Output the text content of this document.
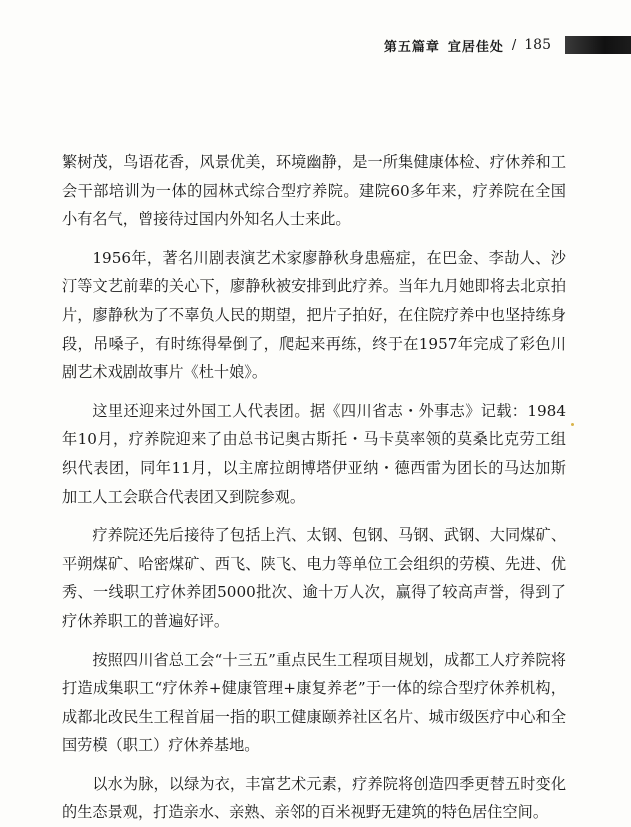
第五篇章 宜居佳处 / 185

繁树茂，鸟语花香，风景优美，环境幽静，是一所集健康体检、疗休养和工会干部培训为一体的园林式综合型疗养院。建院60多年来，疗养院在全国小有名气，曾接待过国内外知名人士来此。

1956年，著名川剧表演艺术家廖静秋身患癌症，在巴金、李劼人、沙汀等文艺前辈的关心下，廖静秋被安排到此疗养。当年九月她即将去北京拍片，廖静秋为了不辜负人民的期望，把片子拍好，在住院疗养中也坚持练身段，吊嗓子，有时练得晕倒了，爬起来再练，终于在1957年完成了彩色川剧艺术戏剧故事片《杜十娘》。

这里还迎来过外国工人代表团。据《四川省志・外事志》记载：1984年10月，疗养院迎来了由总书记奥古斯托・马卡莫率领的莫桑比克劳工组织代表团，同年11月，以主席拉朗博塔伊亚纳・德西雷为团长的马达加斯加工人工会联合代表团又到院参观。

疗养院还先后接待了包括上汽、太钢、包钢、马钢、武钢、大同煤矿、平朔煤矿、哈密煤矿、西飞、陕飞、电力等单位工会组织的劳模、先进、优秀、一线职工疗休养团5000批次、逾十万人次，赢得了较高声誉，得到了疗休养职工的普遍好评。

按照四川省总工会“十三五”重点民生工程项目规划，成都工人疗养院将打造成集职工“疗休养+健康管理+康复养老”于一体的综合型疗休养机构，成都北改民生工程首届一指的职工健康颐养社区名片、城市级医疗中心和全国劳模（职工）疗休养基地。

以水为脉，以绿为衣，丰富艺术元素，疗养院将创造四季更替五时变化的生态景观，打造亲水、亲熟、亲邻的百米视野无建筑的特色居住空间。
